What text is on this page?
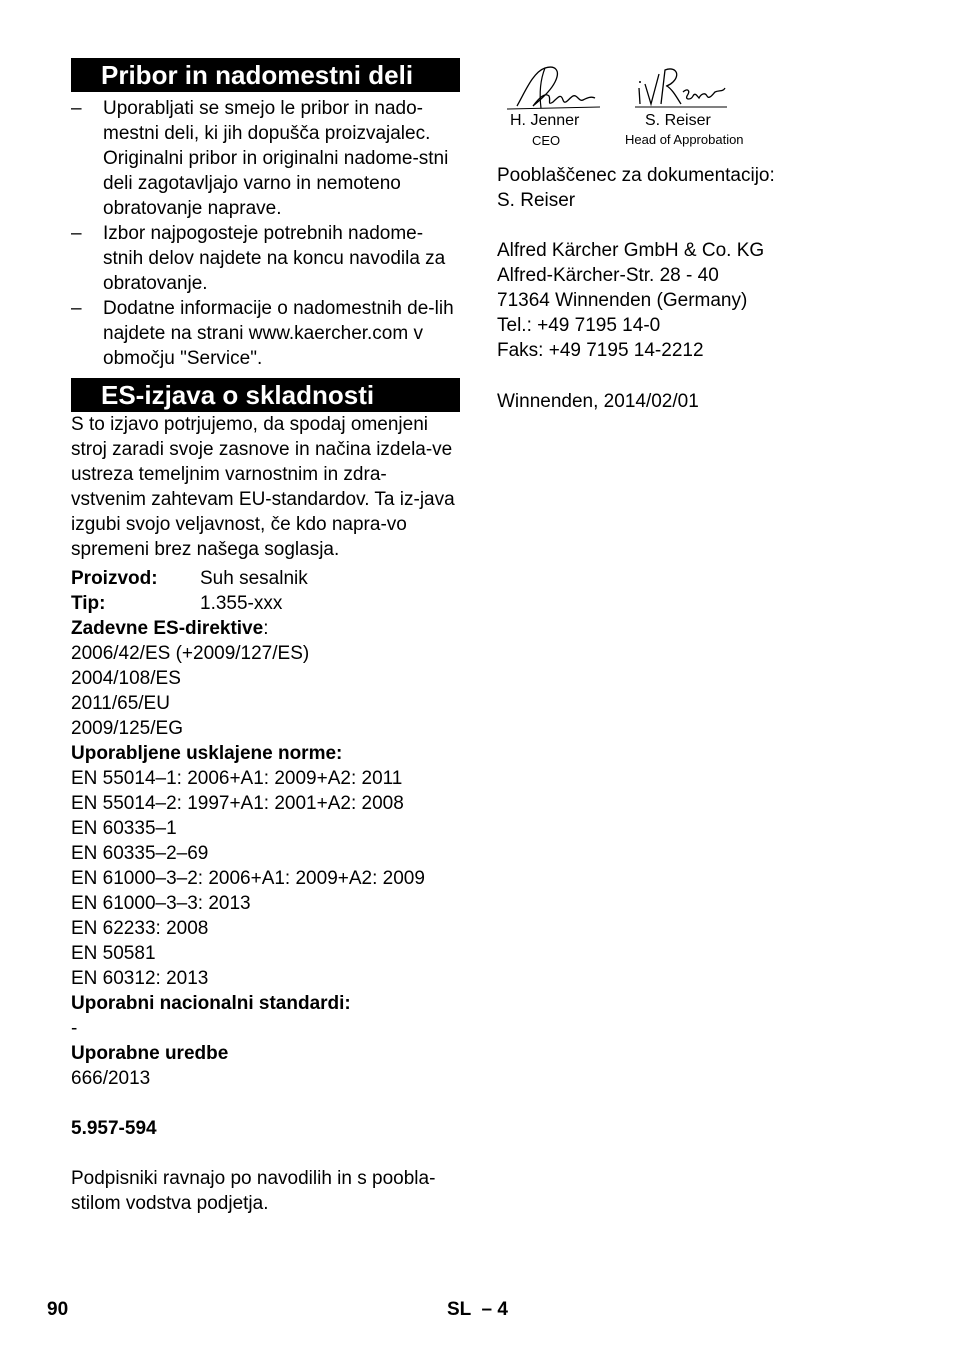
Pribor in nadomestni deli
– Uporabljati se smejo le pribor in nado-mestni deli, ki jih dopušča proizvajalec. Originalni pribor in originalni nadome-stni deli zagotavljajo varno in nemoteno obratovanje naprave.
– Izbor najpogosteje potrebnih nadome-stnih delov najdete na koncu navodila za obratovanje.
– Dodatne informacije o nadomestnih de-lih najdete na strani www.kaercher.com v območju "Service".
ES-izjava o skladnosti

S to izjavo potrjujemo, da spodaj omenjeni stroj zaradi svoje zasnove in načina izdela-ve ustreza temeljnim varnostnim in zdra-vstvenim zahtevam EU-standardov. Ta iz-java izgubi svojo veljavnost, če kdo napra-vo spremeni brez našega soglasja.

Proizvod:	Suh sesalnik
Tip:	1.355-xxx
Zadevne ES-direktive:
2006/42/ES (+2009/127/ES)
2004/108/ES
2011/65/EU
2009/125/EG
Uporabljene usklajene norme:
EN 55014–1: 2006+A1: 2009+A2: 2011
EN 55014–2: 1997+A1: 2001+A2: 2008
EN 60335–1
EN 60335–2–69
EN 61000–3–2: 2006+A1: 2009+A2: 2009
EN 61000–3–3: 2013
EN 62233: 2008
EN 50581
EN 60312: 2013
Uporabni nacionalni standardi:
-
Uporabne uredbe
666/2013
5.957-594

Podpisniki ravnajo po navodilih in s poobla-stilom vodstva podjetja.

H. Jenner
CEO
S. Reiser
Head of Approbation
Pooblaščenec za dokumentacijo:
S. Reiser
Alfred Kärcher GmbH & Co. KG
Alfred-Kärcher-Str. 28 - 40
71364 Winnenden (Germany)
Tel.: +49 7195 14-0
Faks: +49 7195 14-2212
Winnenden, 2014/02/01
90	SL  – 4
